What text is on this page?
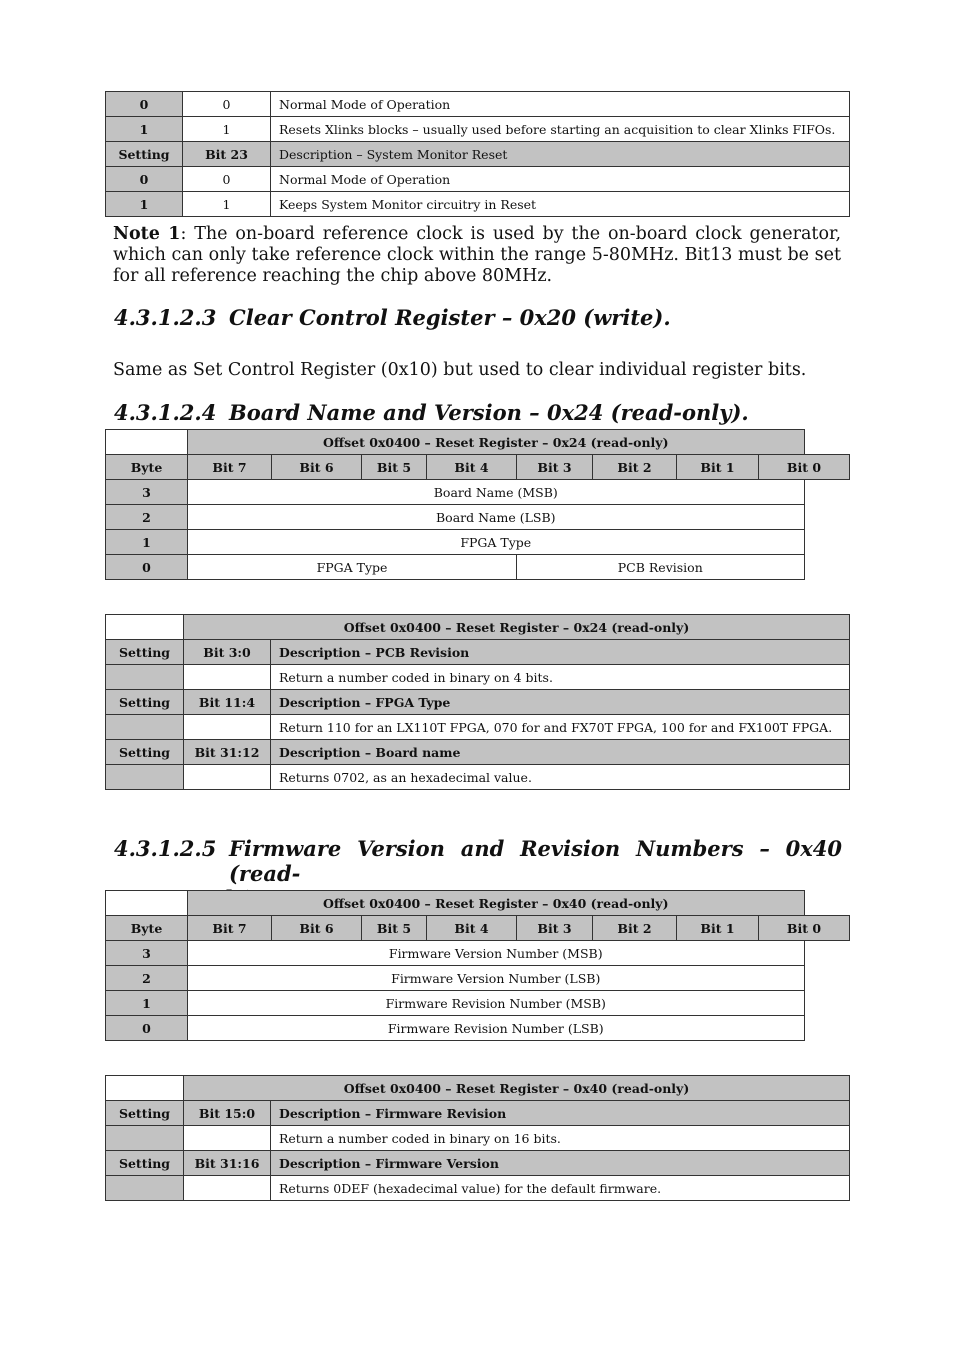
0	0	Normal Mode of Operation
1	1	Resets Xlinks blocks – usually used before starting an acquisition to clear Xlinks FIFOs.
Setting	Bit 23	Description – System Monitor Reset
0	0	Normal Mode of Operation
1	1	Keeps System Monitor circuitry in Reset

Note 1: The on-board reference clock is used by the on-board clock generator, which can only take reference clock within the range 5-80MHz. Bit13 must be set for all reference reaching the chip above 80MHz.

4.3.1.2.3 Clear Control Register – 0x20 (write).

Same as Set Control Register (0x10) but used to clear individual register bits.

4.3.1.2.4 Board Name and Version – 0x24 (read-only).
	Offset 0x0400 – Reset Register – 0x24 (read-only)							
Byte	Bit 7	Bit 6	Bit 5	Bit 4	Bit 3	Bit 2	Bit 1	Bit 0
3	Board Name (MSB)							
2	Board Name (LSB)							
1	FPGA Type							
0	FPGA Type				PCB Revision			
	Offset 0x0400 – Reset Register – 0x24 (read-only)	
Setting	Bit 3:0	Description – PCB Revision
		Return a number coded in binary on 4 bits.
Setting	Bit 11:4	Description – FPGA Type
		Return 110 for an LX110T FPGA, 070 for and FX70T FPGA, 100 for and FX100T FPGA.
Setting	Bit 31:12	Description – Board name
		Returns 0702, as an hexadecimal value.
4.3.1.2.5 Firmware Version and Revision Numbers – 0x40 (read-
	Offset 0x0400 – Reset Register – 0x40 (read-only)							
Byte	Bit 7	Bit 6	Bit 5	Bit 4	Bit 3	Bit 2	Bit 1	Bit 0
3	Firmware Version Number (MSB)							
2	Firmware Version Number (LSB)							
1	Firmware Revision Number (MSB)							
0	Firmware Revision Number (LSB)							
	Offset 0x0400 – Reset Register – 0x40 (read-only)	
Setting	Bit 15:0	Description – Firmware Revision
		Return a number coded in binary on 16 bits.
Setting	Bit 31:16	Description – Firmware Version
		Returns 0DEF (hexadecimal value) for the default firmware.
